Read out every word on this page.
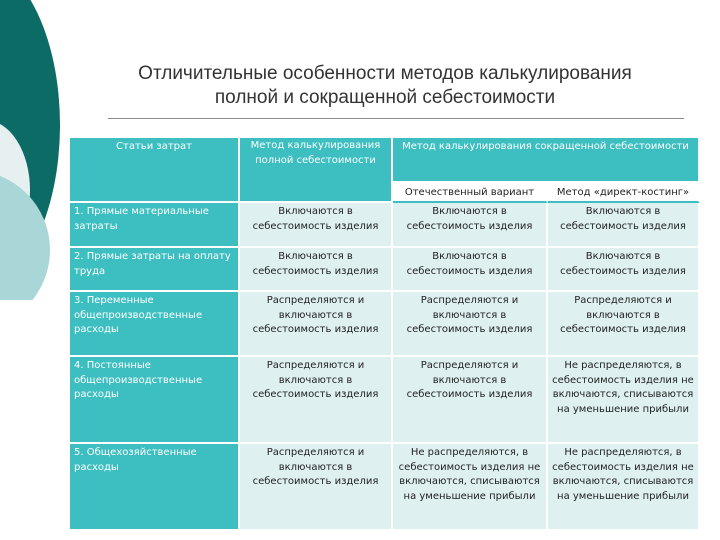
Отличительные особенности методов калькулирования
полной и сокращенной себестоимости
Статьи затрат	Метод калькулирования полной себестоимости
Метод калькулирования сокращенной себестоимости
Отечественный вариант	Метод «директ-костинг»
1. Прямые материальные затраты
Включаются в себестоимость изделия
Включаются в себестоимость изделия
Включаются в себестоимость изделия
2. Прямые затраты на оплату труда
Включаются в себестоимость изделия
Включаются в себестоимость изделия
Включаются в себестоимость изделия
3. Переменные общепроизводственные расходы
Распределяются и включаются в себестоимость изделия
Распределяются и включаются в себестоимость изделия
Распределяются и включаются в себестоимость изделия
4. Постоянные общепроизводственные расходы
Распределяются и включаются в себестоимость изделия
Распределяются и включаются в себестоимость изделия
Не распределяются, в себестоимость изделия не включаются, списываются на уменьшение прибыли
5. Общехозяйственные расходы
Распределяются и включаются в себестоимость изделия
Не распределяются, в себестоимость изделия не включаются, списываются на уменьшение прибыли
Не распределяются, в себестоимость изделия не включаются, списываются на уменьшение прибыли
